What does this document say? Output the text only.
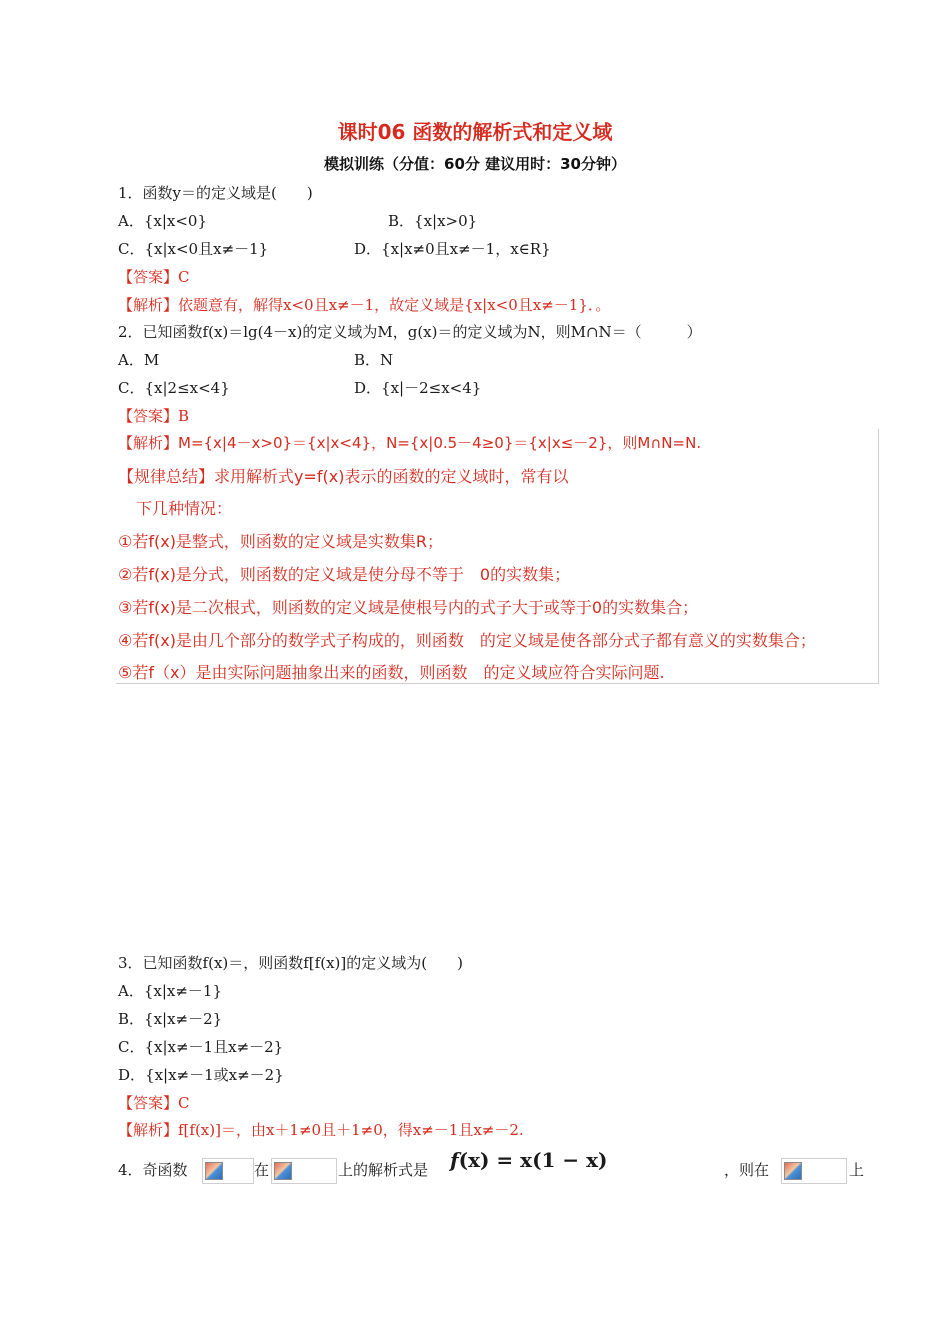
课时06 函数的解析式和定义域
模拟训练（分值：60分 建议用时：30分钟）
1．函数y＝的定义域是(　　)
A．{x|x<0}	B．{x|x>0}
C．{x|x<0且x≠－1}	D．{x|x≠0且x≠－1，x∈R}
【答案】C
【解析】依题意有，解得x<0且x≠－1，故定义域是{x|x<0且x≠－1}．。
2．已知函数f(x)＝lg(4－x)的定义域为M，g(x)＝的定义域为N，则M∩N＝（　　　）
A．M	B．N
C．{x|2≤x<4}	D．{x|－2≤x<4}
【答案】B
【解析】M={x|4－x>0}＝{x|x<4}，N={x|0.5－4≥0}＝{x|x≤－2}，则M∩N=N.
【规律总结】求用解析式y=f(x)表示的函数的定义域时，常有以
下几种情况：
①若f(x)是整式，则函数的定义域是实数集R；
②若f(x)是分式，则函数的定义域是使分母不等于　0的实数集；
③若f(x)是二次根式，则函数的定义域是使根号内的式子大于或等于0的实数集合；
④若f(x)是由几个部分的数学式子构成的，则函数　的定义域是使各部分式子都有意义的实数集合；
⑤若f（x）是由实际问题抽象出来的函数，则函数　的定义域应符合实际问题.
3．已知函数f(x)＝，则函数f[f(x)]的定义域为(　　)
A．{x|x≠－1}
B．{x|x≠－2}
C．{x|x≠－1且x≠－2}
D．{x|x≠－1或x≠－2}
【答案】C
【解析】f[f(x)]＝，由x＋1≠0且＋1≠0，得x≠－1且x≠－2.
4．奇函数	在	上的解析式是 f(x) = x(1 − x)	，则在	上
